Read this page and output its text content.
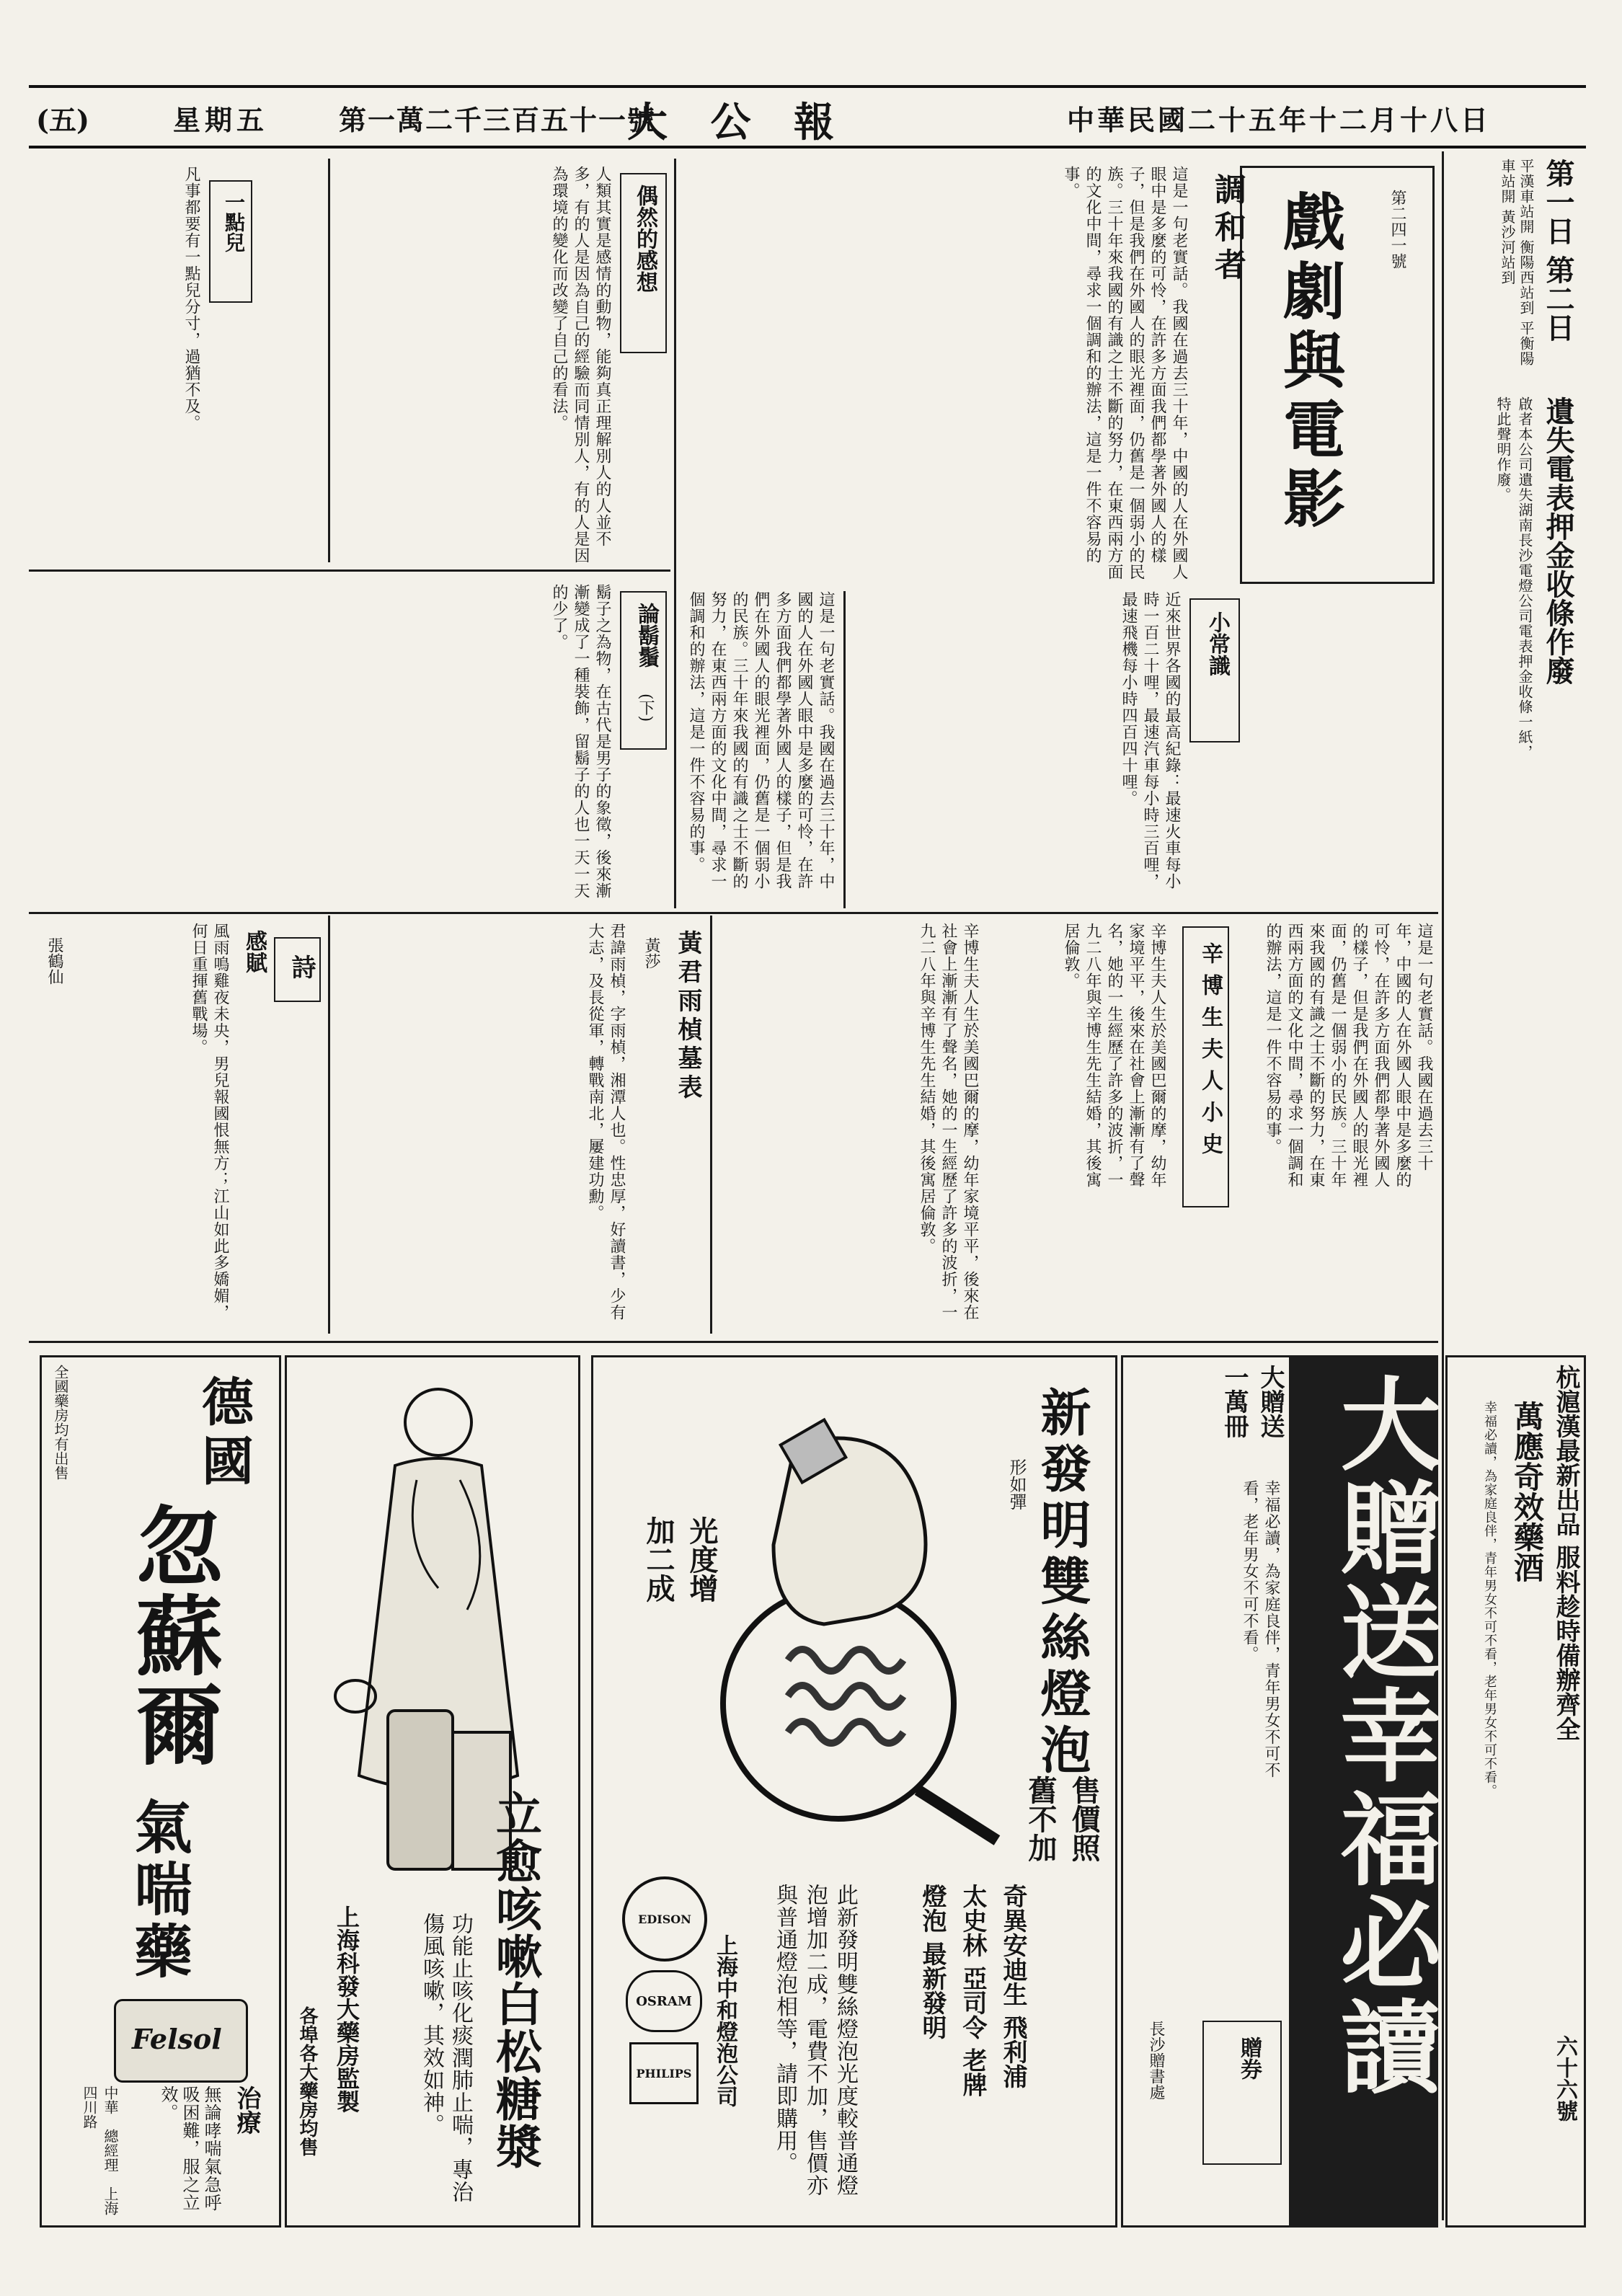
(五)	星期五	第一萬二千三百五十一號
大 公 報	中華民國二十五年十二月十八日
第一日 第二日
平漢車站開 衡陽西站到 平衡陽車站開 黃沙河站到
遺失電表押金收條作廢
啟者本公司遺失湖南長沙電燈公司電表押金收條一紙，特此聲明作廢。
戲劇與電影	第二四一號
調和者
這是一句老實話。我國在過去三十年，中國的人在外國人眼中是多麼的可怜，在許多方面我們都學著外國人的樣子，但是我們在外國人的眼光裡面，仍舊是一個弱小的民族。三十年來我國的有識之士不斷的努力，在東西兩方面的文化中間，尋求一個調和的辦法，這是一件不容易的事。
偶然的感想
人類其實是感情的動物，能夠真正理解別人的人並不多，有的人是因為自己的經驗而同情別人，有的人是因為環境的變化而改變了自己的看法。
一點兒
凡事都要有一點兒分寸，過猶不及。
論鬍鬚
(下)
鬍子之為物，在古代是男子的象徵，後來漸漸變成了一種裝飾，留鬍子的人也一天一天的少了。	小常識
近來世界各國的最高紀錄：最速火車每小時一百二十哩，最速汽車每小時三百哩，最速飛機每小時四百四十哩。
這是一句老實話。我國在過去三十年，中國的人在外國人眼中是多麼的可怜，在許多方面我們都學著外國人的樣子，但是我們在外國人的眼光裡面，仍舊是一個弱小的民族。三十年來我國的有識之士不斷的努力，在東西兩方面的文化中間，尋求一個調和的辦法，這是一件不容易的事。
辛博生夫人小史
辛博生夫人生於美國巴爾的摩，幼年家境平平，後來在社會上漸漸有了聲名，她的一生經歷了許多的波折，一九二八年與辛博生先生結婚，其後寓居倫敦。
辛博生夫人生於美國巴爾的摩，幼年家境平平，後來在社會上漸漸有了聲名，她的一生經歷了許多的波折，一九二八年與辛博生先生結婚，其後寓居倫敦。	這是一句老實話。我國在過去三十年，中國的人在外國人眼中是多麼的可怜，在許多方面我們都學著外國人的樣子，但是我們在外國人的眼光裡面，仍舊是一個弱小的民族。三十年來我國的有識之士不斷的努力，在東西兩方面的文化中間，尋求一個調和的辦法，這是一件不容易的事。
黃君雨楨墓表
黃莎
君諱雨楨，字雨楨，湘潭人也。性忠厚，好讀書，少有大志，及長從軍，轉戰南北，屢建功勳。
詩
感賦
張鶴仙	風雨鳴雞夜未央，男兒報國恨無方；江山如此多嬌媚，何日重揮舊戰場。
全國藥房均有出售 德國
忽蘇爾
氣喘藥
Felsol
治療
無論哮喘氣急呼吸困難，服之立效。
中華　總經理　上海四川路	立愈咳嗽白松糖漿
功能止咳化痰潤肺止喘，專治傷風咳嗽，其效如神。
上海科發大藥房監製
各埠各大藥房均售
新發明雙絲燈泡
形如彈
光度增加二成
售價照舊不加
EDISON
OSRAM
PHILIPS	奇異安迪生 飛利浦 太史林 亞司令 老牌燈泡 最新發明
此新發明雙絲燈泡光度較普通燈泡增加二成，電費不加，售價亦與普通燈泡相等，請即購用。
上海中和燈泡公司	大贈送幸福必讀
大贈送
一萬冊
幸福必讀，為家庭良伴，青年男女不可不看，老年男女不可不看。
贈券
長沙贈書處
杭滬漢最新出品 服料趁時備辦齊全
萬應奇效藥酒
幸福必讀，為家庭良伴，青年男女不可不看，老年男女不可不看。
六十六號
